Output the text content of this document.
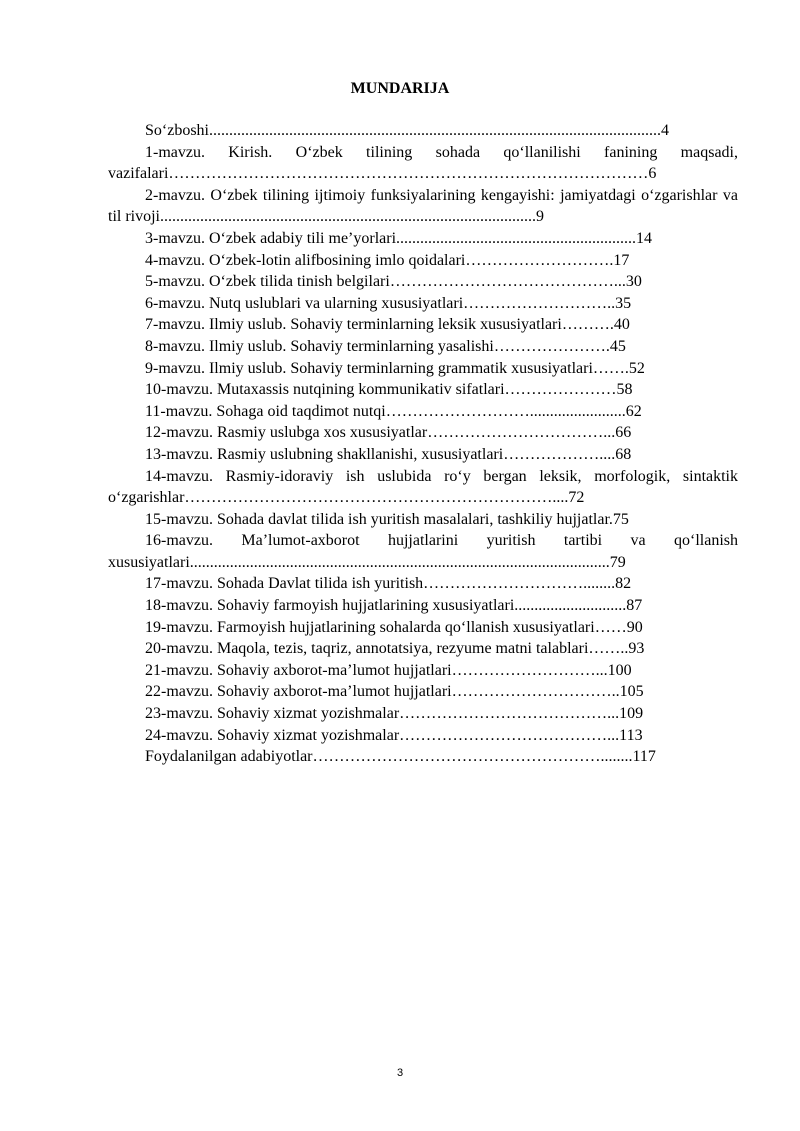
MUNDARIJA
So‘zboshi.................................................................................................................4
1-mavzu. Kirish. O‘zbek tilining sohada qo‘llanilishi fanining maqsadi, vazifalari………………………………………………………………………………6
2-mavzu. O‘zbek tilining ijtimoiy funksiyalarining kengayishi: jamiyatdagi o‘zgarishlar va til rivoji..............................................................................................9
3-mavzu. O‘zbek adabiy tili me’yorlari............................................................14
4-mavzu. O‘zbek-lotin alifbosining imlo qoidalari……………………….17
5-mavzu. O‘zbek tilida tinish belgilari……………………………………...30
6-mavzu. Nutq uslublari va ularning xususiyatlari………………………..35
7-mavzu. Ilmiy uslub. Sohaviy terminlarning leksik xususiyatlari……….40
8-mavzu. Ilmiy uslub. Sohaviy terminlarning yasalishi………………….45
9-mavzu. Ilmiy uslub. Sohaviy terminlarning grammatik xususiyatlari…….52
10-mavzu. Mutaxassis nutqining kommunikativ sifatlari…………………58
11-mavzu. Sohaga oid taqdimot nutqi………………………........................62
12-mavzu. Rasmiy uslubga xos xususiyatlar……………………………...66
13-mavzu. Rasmiy uslubning shakllanishi, xususiyatlari………………....68
14-mavzu. Rasmiy-idoraviy ish uslubida ro‘y bergan leksik, morfologik, sintaktik o‘zgarishlar……………………………………………………………....72
15-mavzu. Sohada davlat tilida ish yuritish masalalari, tashkiliy hujjatlar.75
16-mavzu. Ma’lumot-axborot hujjatlarini yuritish tartibi va qo‘llanish xususiyatlari.........................................................................................................79
17-mavzu. Sohada Davlat tilida ish yuritish…………………………........82
18-mavzu. Sohaviy farmoyish hujjatlarining xususiyatlari............................87
19-mavzu. Farmoyish hujjatlarining sohalarda qo‘llanish xususiyatlari……90
20-mavzu. Maqola, tezis, taqriz, annotatsiya, rezyume matni talablari……..93
21-mavzu. Sohaviy axborot-ma’lumot hujjatlari………………………...100
22-mavzu. Sohaviy axborot-ma’lumot hujjatlari…………………………..105
23-mavzu. Sohaviy xizmat yozishmalar…………………………………...109
24-mavzu. Sohaviy xizmat yozishmalar…………………………………...113
Foydalanilgan adabiyotlar………………………………………………........117
3
